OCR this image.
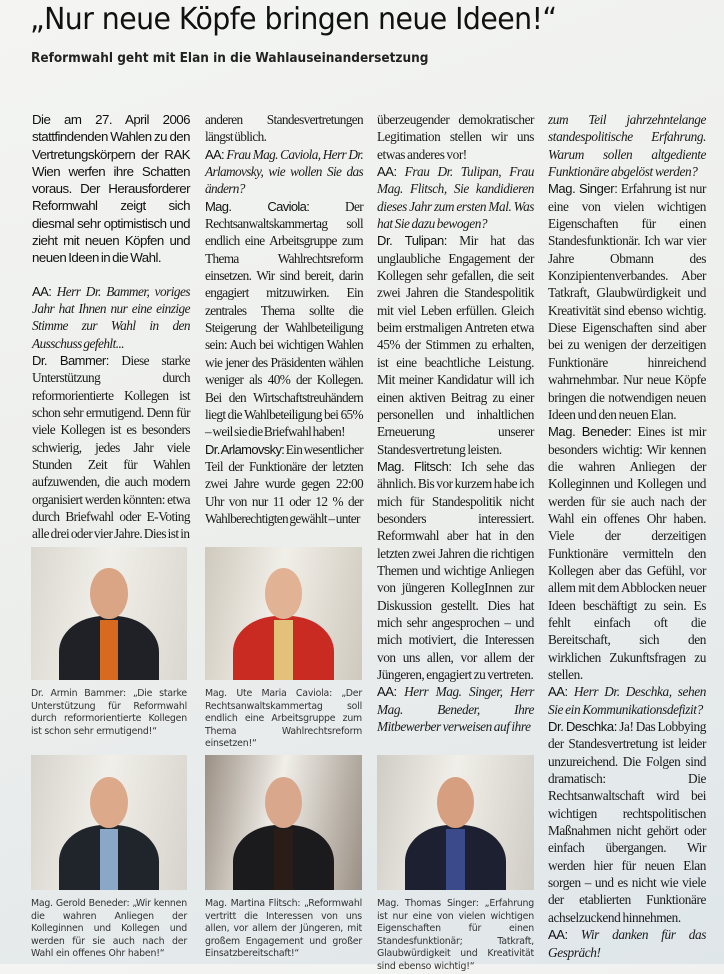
„Nur neue Köpfe bringen neue Ideen!“
Reformwahl geht mit Elan in die Wahlauseinandersetzung

Die am 27. April 2006 stattfindenden Wahlen zu den Vertretungskörpern der RAK Wien werfen ihre Schatten voraus. Der Herausforderer Reformwahl zeigt sich diesmal sehr optimistisch und zieht mit neuen Köpfen und neuen Ideen in die Wahl.

AA: Herr Dr. Bammer, voriges Jahr hat Ihnen nur eine einzige Stimme zur Wahl in den Ausschuss gefehlt...

Dr. Bammer: Diese starke Unterstützung durch reformorientierte Kollegen ist schon sehr ermutigend. Denn für viele Kollegen ist es besonders schwierig, jedes Jahr viele Stunden Zeit für Wahlen aufzuwenden, die auch modern organisiert werden könnten: etwa durch Briefwahl oder E-Voting alle drei oder vier Jahre. Dies ist in

anderen Standesvertretungen längst üblich.

AA: Frau Mag. Caviola, Herr Dr. Arlamovsky, wie wollen Sie das ändern?

Mag. Caviola:	Der Rechtsanwaltskammertag soll endlich eine Arbeitsgruppe zum Thema Wahlrechtsreform einsetzen. Wir sind bereit, darin engagiert mitzuwirken. Ein zentrales Thema sollte die Steigerung der Wahlbeteiligung sein: Auch bei wichtigen Wahlen wie jener des Präsidenten wählen weniger als 40% der Kollegen. Bei den Wirtschaftstreuhändern liegt die Wahlbeteiligung bei 65% – weil sie die Briefwahl haben!

Dr. Arlamovsky: Ein wesentlicher Teil der Funktionäre der letzten zwei Jahre wurde gegen 22:00 Uhr von nur 11 oder 12 % der Wahlberechtigten gewählt – unter

überzeugender demokratischer Legitimation stellen wir uns etwas anderes vor!

AA: Frau Dr. Tulipan, Frau Mag. Flitsch, Sie kandidieren dieses Jahr zum ersten Mal. Was hat Sie dazu bewogen?

Dr. Tulipan: Mir hat das unglaubliche Engagement der Kollegen sehr gefallen, die seit zwei Jahren die Standespolitik mit viel Leben erfüllen. Gleich beim erstmaligen Antreten etwa 45% der Stimmen zu erhalten, ist eine beachtliche Leistung. Mit meiner Kandidatur will ich einen aktiven Beitrag zu einer personellen und inhaltlichen Erneuerung unserer Standesvertretung leisten.

Mag. Flitsch: Ich sehe das ähnlich. Bis vor kurzem habe ich mich für Standespolitik nicht besonders interessiert. Reformwahl aber hat in den letzten zwei Jahren die richtigen Themen und wichtige Anliegen von jüngeren KollegInnen zur Diskussion gestellt. Dies hat mich sehr angesprochen – und mich motiviert, die Interessen von uns allen, vor allem der Jüngeren, engagiert zu vertreten.

AA: Herr Mag. Singer, Herr Mag. Beneder, Ihre Mitbewerber verweisen auf ihre

zum Teil jahrzehntelange standespolitische Erfahrung. Warum sollen altgediente Funktionäre abgelöst werden?

Mag. Singer: Erfahrung ist nur eine von vielen wichtigen Eigenschaften für einen Standesfunktionär. Ich war vier Jahre Obmann des Konzipientenverbandes. Aber Tatkraft, Glaubwürdigkeit und Kreativität sind ebenso wichtig. Diese Eigenschaften sind aber bei zu wenigen der derzeitigen Funktionäre hinreichend wahrnehmbar. Nur neue Köpfe bringen die notwendigen neuen Ideen und den neuen Elan.

Mag. Beneder: Eines ist mir besonders wichtig: Wir kennen die wahren Anliegen der Kolleginnen und Kollegen und werden für sie auch nach der Wahl ein offenes Ohr haben. Viele der derzeitigen Funktionäre vermitteln den Kollegen aber das Gefühl, vor allem mit dem Abblocken neuer Ideen beschäftigt zu sein. Es fehlt einfach oft die Bereitschaft, sich den wirklichen Zukunftsfragen zu stellen.

AA: Herr Dr. Deschka, sehen Sie ein Kommunikationsdefizit?

Dr. Deschka: Ja! Das Lobbying der Standesvertretung ist leider unzureichend. Die Folgen sind dramatisch: Die Rechtsanwaltschaft wird bei wichtigen rechtspolitischen Maßnahmen nicht gehört oder einfach übergangen. Wir werden hier für neuen Elan sorgen – und es nicht wie viele der etablierten Funktionäre achselzuckend hinnehmen.

AA: Wir danken für das Gespräch!

Dr. Armin Bammer: „Die starke Unterstützung für Reformwahl durch reformorientierte Kollegen ist schon sehr ermutigend!“
Mag. Ute Maria Caviola: „Der Rechtsanwaltskammertag soll endlich eine Arbeitsgruppe zum Thema Wahlrechtsreform einsetzen!“
Mag. Gerold Beneder: „Wir kennen die wahren Anliegen der Kolleginnen und Kollegen und werden für sie auch nach der Wahl ein offenes Ohr haben!“
Mag. Martina Flitsch: „Reformwahl vertritt die Interessen von uns allen, vor allem der Jüngeren, mit großem Engagement und großer Einsatzbereitschaft!“
Mag. Thomas Singer: „Erfahrung ist nur eine von vielen wichtigen Eigenschaften für einen Standesfunktionär; Tatkraft, Glaubwürdigkeit und Kreativität sind ebenso wichtig!“
